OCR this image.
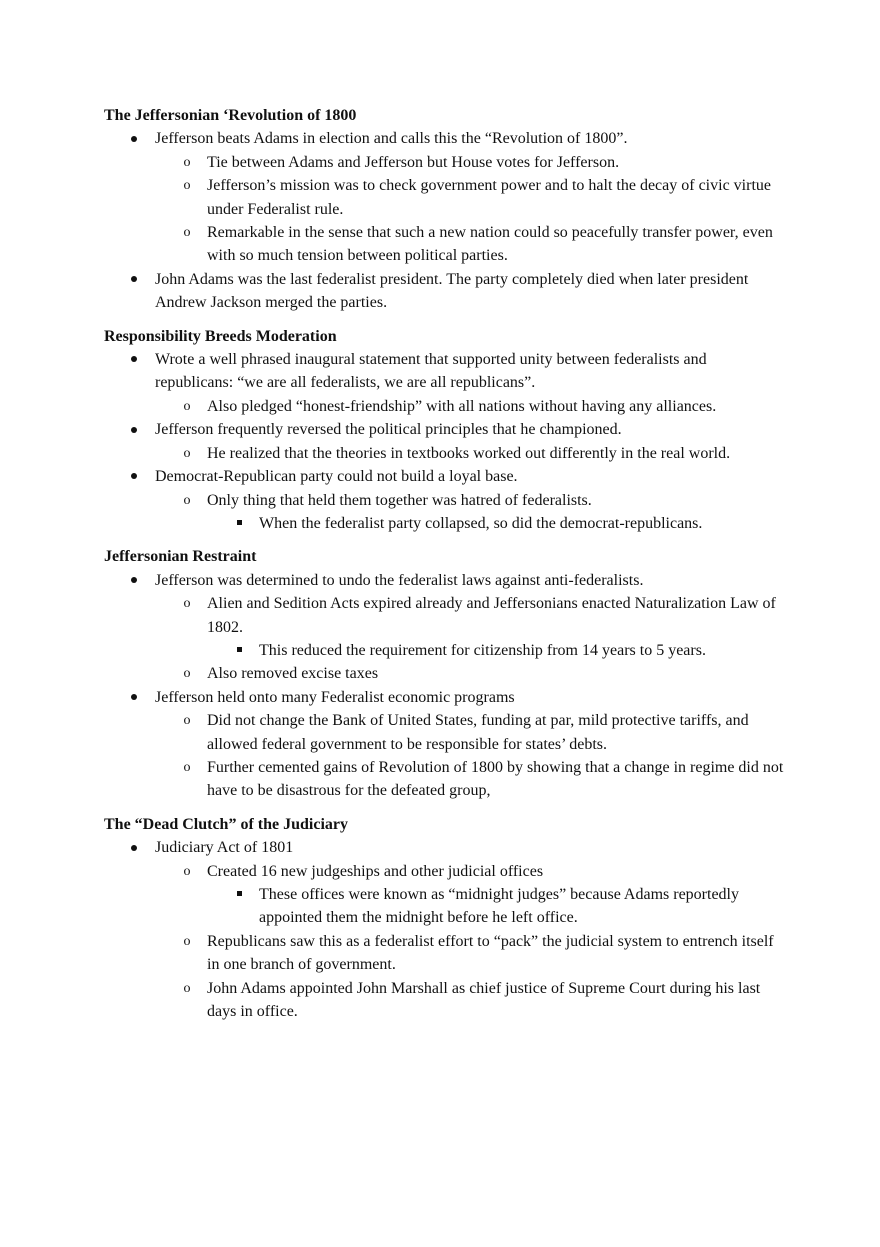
The Jeffersonian ‘Revolution of 1800

Jefferson beats Adams in election and calls this the “Revolution of 1800”.
o Tie between Adams and Jefferson but House votes for Jefferson.
o Jefferson’s mission was to check government power and to halt the decay of civic virtue under Federalist rule.
o Remarkable in the sense that such a new nation could so peacefully transfer power, even with so much tension between political parties.
John Adams was the last federalist president. The party completely died when later president Andrew Jackson merged the parties.

Responsibility Breeds Moderation

Wrote a well phrased inaugural statement that supported unity between federalists and republicans: “we are all federalists, we are all republicans”.
o Also pledged “honest-friendship” with all nations without having any alliances.
Jefferson frequently reversed the political principles that he championed.
o He realized that the theories in textbooks worked out differently in the real world.
Democrat-Republican party could not build a loyal base.
o Only thing that held them together was hatred of federalists.
When the federalist party collapsed, so did the democrat-republicans.

Jeffersonian Restraint

Jefferson was determined to undo the federalist laws against anti-federalists.
o Alien and Sedition Acts expired already and Jeffersonians enacted Naturalization Law of 1802.
This reduced the requirement for citizenship from 14 years to 5 years.
o Also removed excise taxes
Jefferson held onto many Federalist economic programs
o Did not change the Bank of United States, funding at par, mild protective tariffs, and allowed federal government to be responsible for states’ debts.
o Further cemented gains of Revolution of 1800 by showing that a change in regime did not have to be disastrous for the defeated group,

The “Dead Clutch” of the Judiciary

Judiciary Act of 1801
o Created 16 new judgeships and other judicial offices
These offices were known as “midnight judges” because Adams reportedly appointed them the midnight before he left office.
o Republicans saw this as a federalist effort to “pack” the judicial system to entrench itself in one branch of government.
o John Adams appointed John Marshall as chief justice of Supreme Court during his last days in office.
